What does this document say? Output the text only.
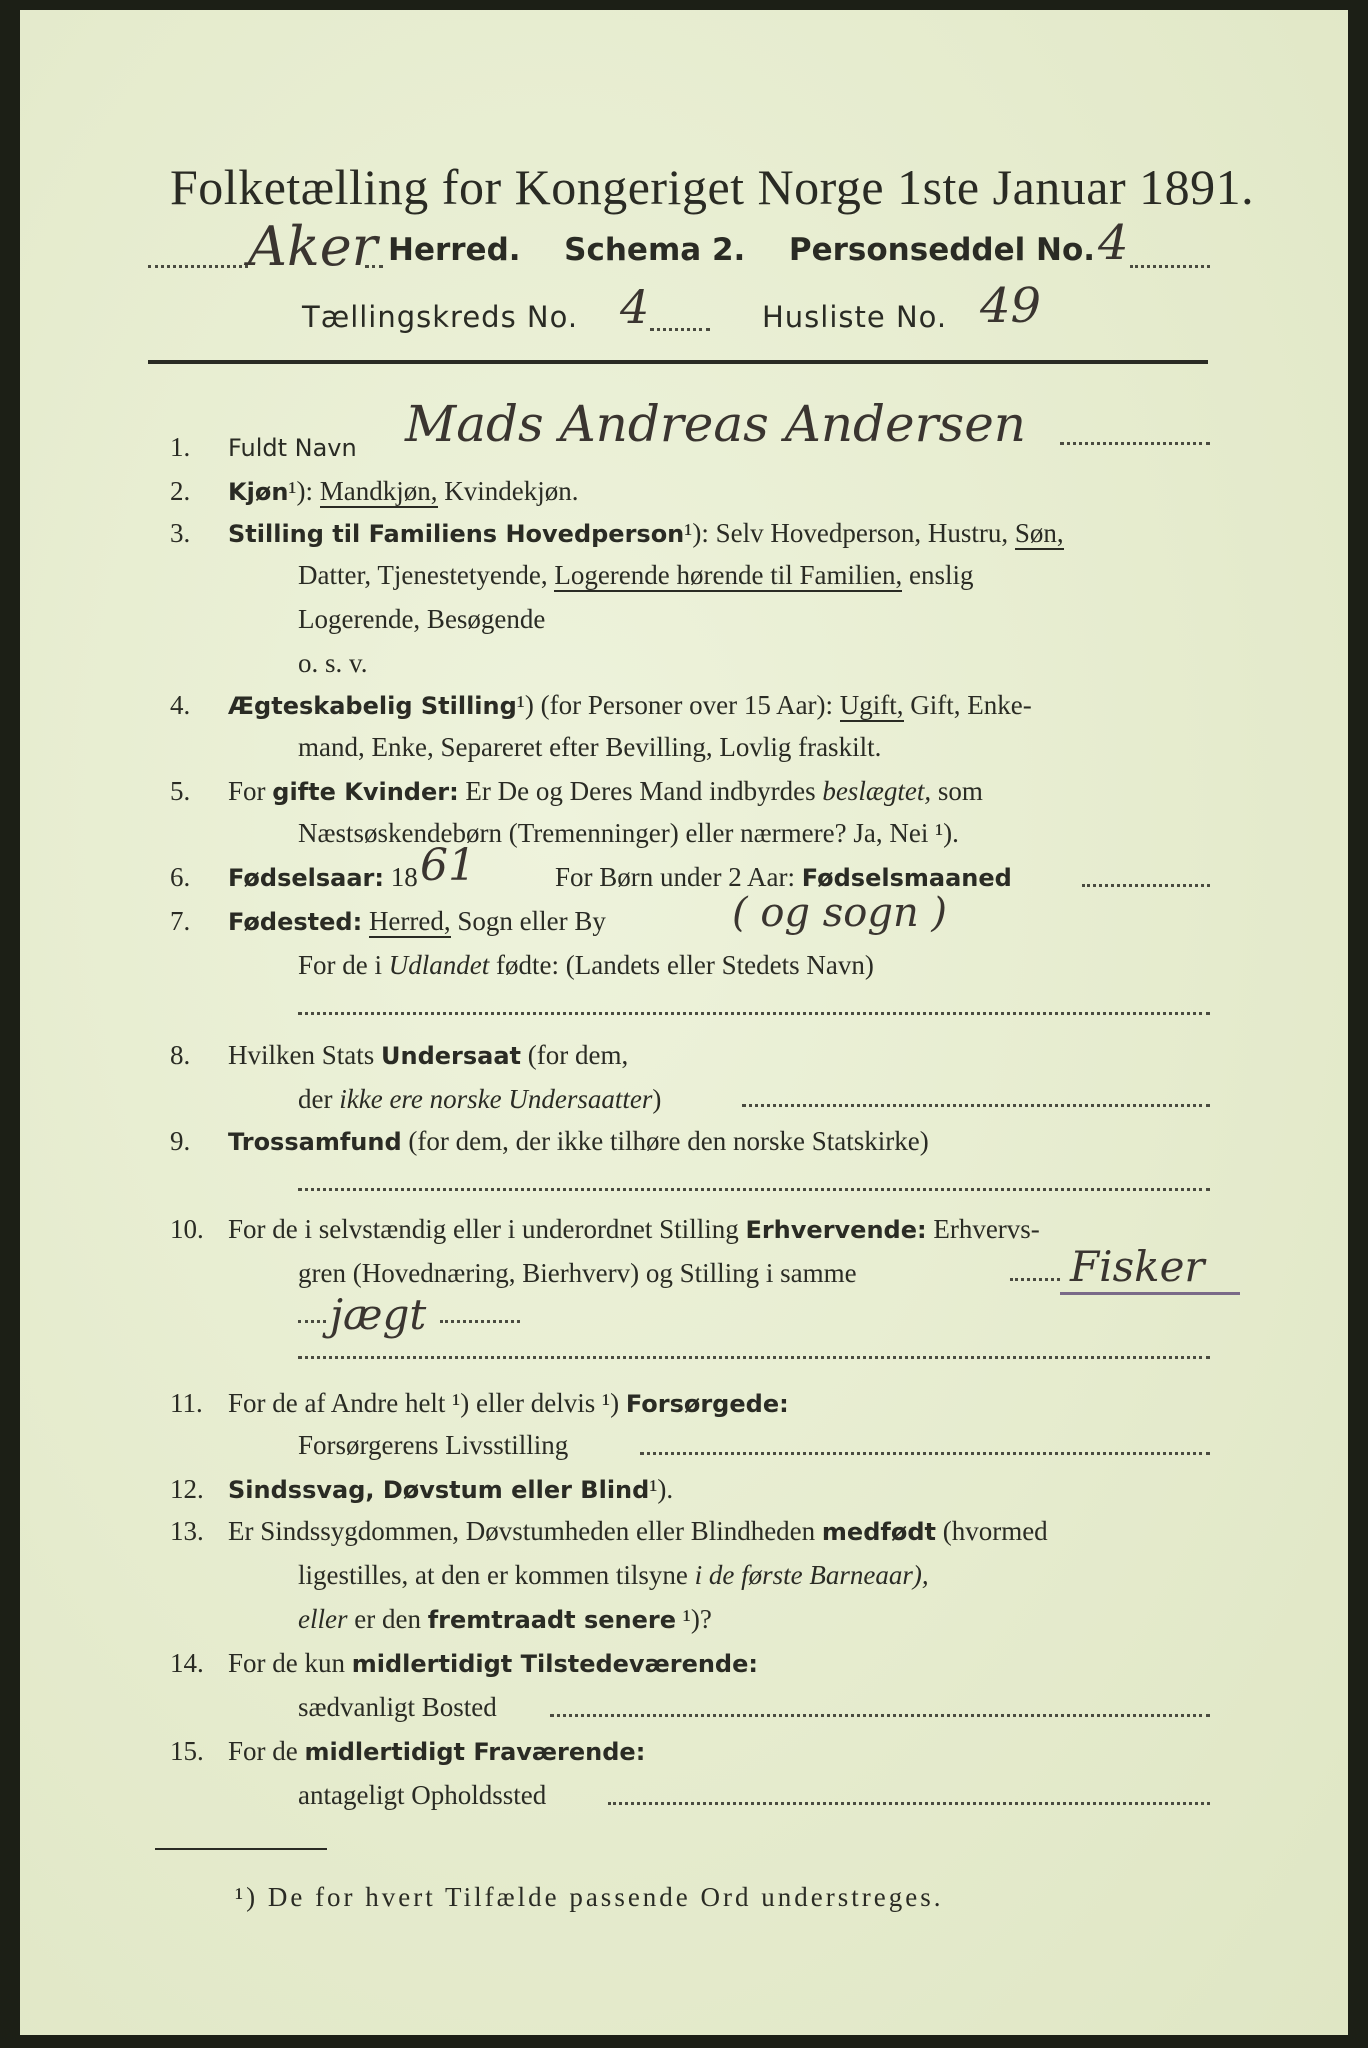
Folketælling for Kongeriget Norge 1ste Januar 1891.
Aker Herred. Schema 2. Personseddel No. 4
Tællingskreds No. 4	Husliste No. 49
1. Fuldt Navn Mads Andreas Andersen
2. Kjøn¹): Mandkjøn, Kvindekjøn.
3. Stilling til Familiens Hovedperson¹): Selv Hovedperson, Hustru, Søn,
Datter, Tjenestetyende, Logerende hørende til Familien, enslig
Logerende, Besøgende
o. s. v.
4. Ægteskabelig Stilling¹) (for Personer over 15 Aar): Ugift, Gift, Enke-
mand, Enke, Separeret efter Bevilling, Lovlig fraskilt.
5. For gifte Kvinder: Er De og Deres Mand indbyrdes beslægtet, som
Næstsøskendebørn (Tremenninger) eller nærmere? Ja, Nei ¹).
6. Fødselsaar: 18 61	For Børn under 2 Aar: Fødselsmaaned
7. Fødested: Herred, Sogn eller By	( og sogn )
For de i Udlandet fødte: (Landets eller Stedets Navn)
8. Hvilken Stats Undersaat (for dem,
der ikke ere norske Undersaatter)
9. Trossamfund (for dem, der ikke tilhøre den norske Statskirke)
10. For de i selvstændig eller i underordnet Stilling Erhvervende: Erhvervs-
gren (Hovednæring, Bierhverv) og Stilling i samme	Fisker
jægt
11. For de af Andre helt ¹) eller delvis ¹) Forsørgede:
Forsørgerens Livsstilling
12. Sindssvag, Døvstum eller Blind¹).
13. Er Sindssygdommen, Døvstumheden eller Blindheden medfødt (hvormed
ligestilles, at den er kommen tilsyne i de første Barneaar),
eller er den fremtraadt senere ¹)?
14. For de kun midlertidigt Tilstedeværende:
sædvanligt Bosted
15. For de midlertidigt Fraværende:
antageligt Opholdssted
¹) De for hvert Tilfælde passende Ord understreges.
